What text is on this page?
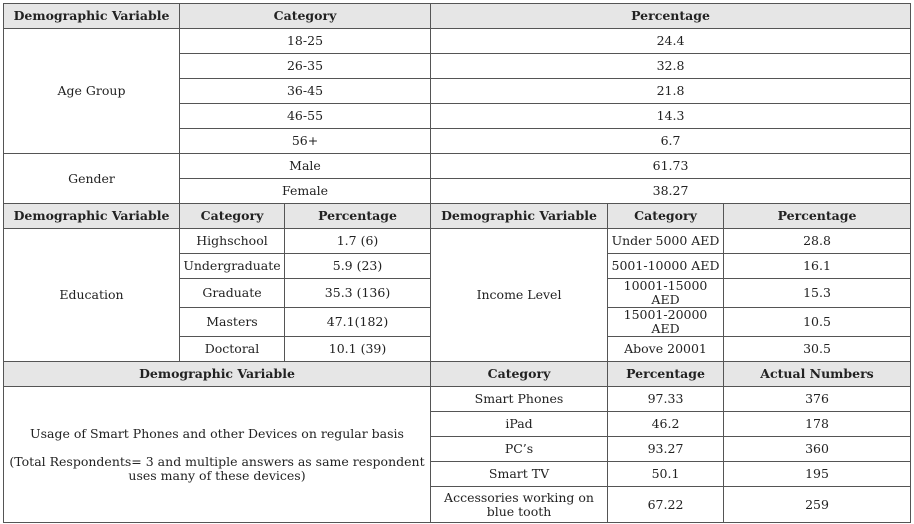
Demographic Variable	Category		Percentage		
Age Group	18-25		24.4		
	26-35		32.8		
	36-45		21.8		
	46-55		14.3		
	56+		6.7		
Gender	Male		61.73		
	Female		38.27		
Demographic Variable	Category	Percentage	Demographic Variable	Category	Percentage
Education	Highschool	1.7 (6)	Income Level	Under 5000 AED	28.8
	Undergraduate	5.9 (23)		5001-10000 AED	16.1
	Graduate	35.3 (136)		10001-15000 AED	15.3
	Masters	47.1(182)		15001-20000 AED	10.5
	Doctoral	10.1 (39)		Above 20001	30.5
Demographic Variable			Category	Percentage	Actual Numbers
Usage of Smart Phones and other Devices on regular basis
(Total Respondents= 3 and multiple answers as same respondent uses many of these devices)			Smart Phones	97.33	376
			iPad	46.2	178
			PC’s	93.27	360
			Smart TV	50.1	195
			Accessories working on blue tooth	67.22	259
